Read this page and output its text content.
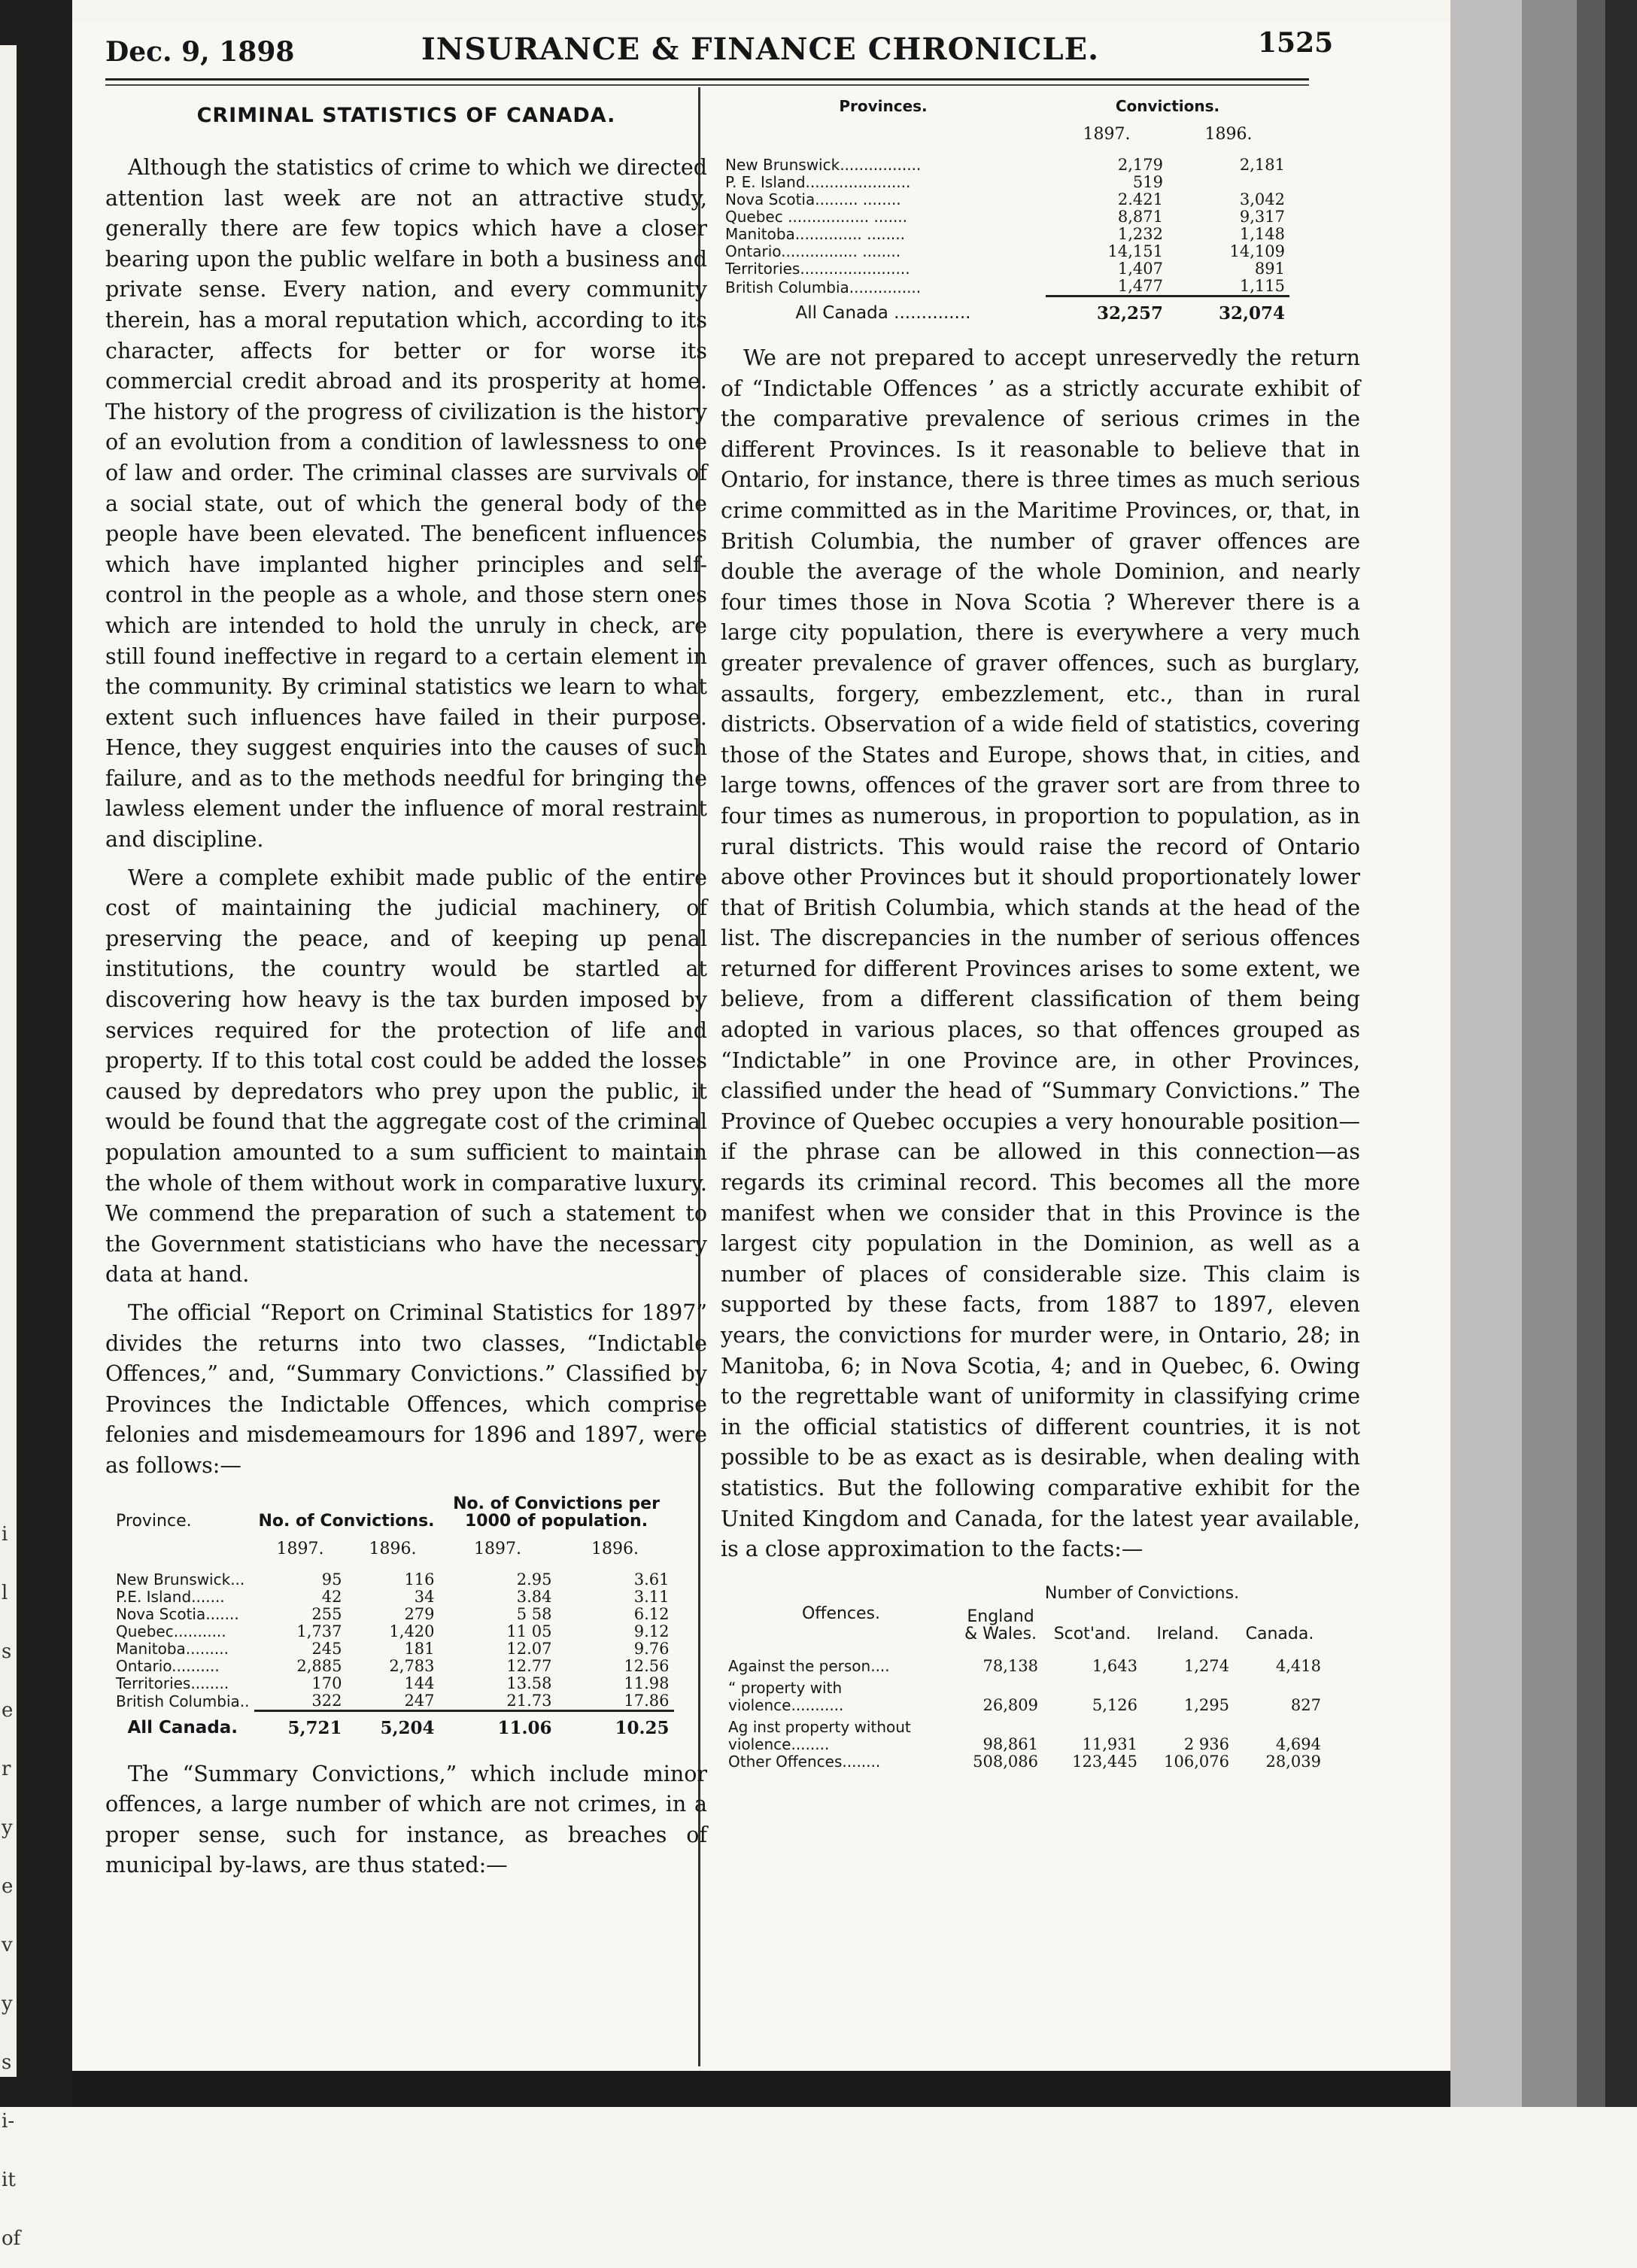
i l s e r y e v y s i- it of
Dec. 9, 1898	INSURANCE & FINANCE CHRONICLE.	1525
CRIMINAL STATISTICS OF CANADA.

Although the statistics of crime to which we directed attention last week are not an attractive study, generally there are few topics which have a closer bearing upon the public welfare in both a business and private sense. Every nation, and every community therein, has a moral reputation which, according to its character, affects for better or for worse its commercial credit abroad and its prosperity at home. The history of the progress of civilization is the history of an evolution from a condition of lawlessness to one of law and order. The criminal classes are survivals of a social state, out of which the general body of the people have been elevated. The beneficent influences which have implanted higher principles and self-control in the people as a whole, and those stern ones which are intended to hold the unruly in check, are still found ineffective in regard to a certain element in the community. By criminal statistics we learn to what extent such influences have failed in their purpose. Hence, they suggest enquiries into the causes of such failure, and as to the methods needful for bringing the lawless element under the influence of moral restraint and discipline.

Were a complete exhibit made public of the entire cost of maintaining the judicial machinery, of preserving the peace, and of keeping up penal institutions, the country would be startled at discovering how heavy is the tax burden imposed by services required for the protection of life and property. If to this total cost could be added the losses caused by depredators who prey upon the public, it would be found that the aggregate cost of the criminal population amounted to a sum sufficient to maintain the whole of them without work in comparative luxury. We commend the preparation of such a statement to the Government statisticians who have the necessary data at hand.

The official “Report on Criminal Statistics for 1897” divides the returns into two classes, “Indictable Offences,” and, “Summary Convictions.” Classified by Provinces the Indictable Offences, which comprise felonies and misdemeamours for 1896 and 1897, were as follows:—

Province.	No. of Convictions.		No. of Convictions per 1000 of population.	
	1897.	1896.	1897.	1896.
New Brunswick...	95	116	2.95	3.61
P.E. Island.......	42	34	3.84	3.11
Nova Scotia.......	255	279	5 58	6.12
Quebec...........	1,737	1,420	11 05	9.12
Manitoba.........	245	181	12.07	9.76
Ontario..........	2,885	2,783	12.77	12.56
Territories........	170	144	13.58	11.98
British Columbia..	322	247	21.73	17.86
All Canada.	5,721	5,204	11.06	10.25

The “Summary Convictions,” which include minor offences, a large number of which are not crimes, in a proper sense, such for instance, as breaches of municipal by-laws, are thus stated:—

Provinces.	Convictions.	
	1897.	1896.
New Brunswick.................	2,179	2,181
P. E. Island......................	519	
Nova Scotia......... ........	2.421	3,042
Quebec ................. .......	8,871	9,317
Manitoba.............. ........	1,232	1,148
Ontario................ ........	14,151	14,109
Territories.......................	1,407	891
British Columbia...............	1,477	1,115
All Canada ..............	32,257	32,074

We are not prepared to accept unreservedly the return of “Indictable Offences ’ as a strictly accurate exhibit of the comparative prevalence of serious crimes in the different Provinces. Is it reasonable to believe that in Ontario, for instance, there is three times as much serious crime committed as in the Maritime Provinces, or, that, in British Columbia, the number of graver offences are double the average of the whole Dominion, and nearly four times those in Nova Scotia ? Wherever there is a large city population, there is everywhere a very much greater prevalence of graver offences, such as burglary, assaults, forgery, embezzlement, etc., than in rural districts. Observation of a wide field of statistics, covering those of the States and Europe, shows that, in cities, and large towns, offences of the graver sort are from three to four times as numerous, in proportion to population, as in rural districts. This would raise the record of Ontario above other Provinces but it should proportionately lower that of British Columbia, which stands at the head of the list. The discrepancies in the number of serious offences returned for different Provinces arises to some extent, we believe, from a different classification of them being adopted in various places, so that offences grouped as “Indictable” in one Province are, in other Provinces, classified under the head of “Summary Convictions.” The Province of Quebec occupies a very honourable position—if the phrase can be allowed in this connection—as regards its criminal record. This becomes all the more manifest when we consider that in this Province is the largest city population in the Dominion, as well as a number of places of considerable size. This claim is supported by these facts, from 1887 to 1897, eleven years, the convictions for murder were, in Ontario, 28; in Manitoba, 6; in Nova Scotia, 4; and in Quebec, 6. Owing to the regrettable want of uniformity in classifying crime in the official statistics of different countries, it is not possible to be as exact as is desirable, when dealing with statistics. But the following comparative exhibit for the United Kingdom and Canada, for the latest year available, is a close approximation to the facts:—

Offences.	Number of Convictions.			
	England & Wales.	Scot'and.	Ireland.	Canada.
Against the person....	78,138	1,643	1,274	4,418
“ property with violence...........	26,809	5,126	1,295	827
Ag inst property without violence........	98,861	11,931	2 936	4,694
Other Offences........	508,086	123,445	106,076	28,039
